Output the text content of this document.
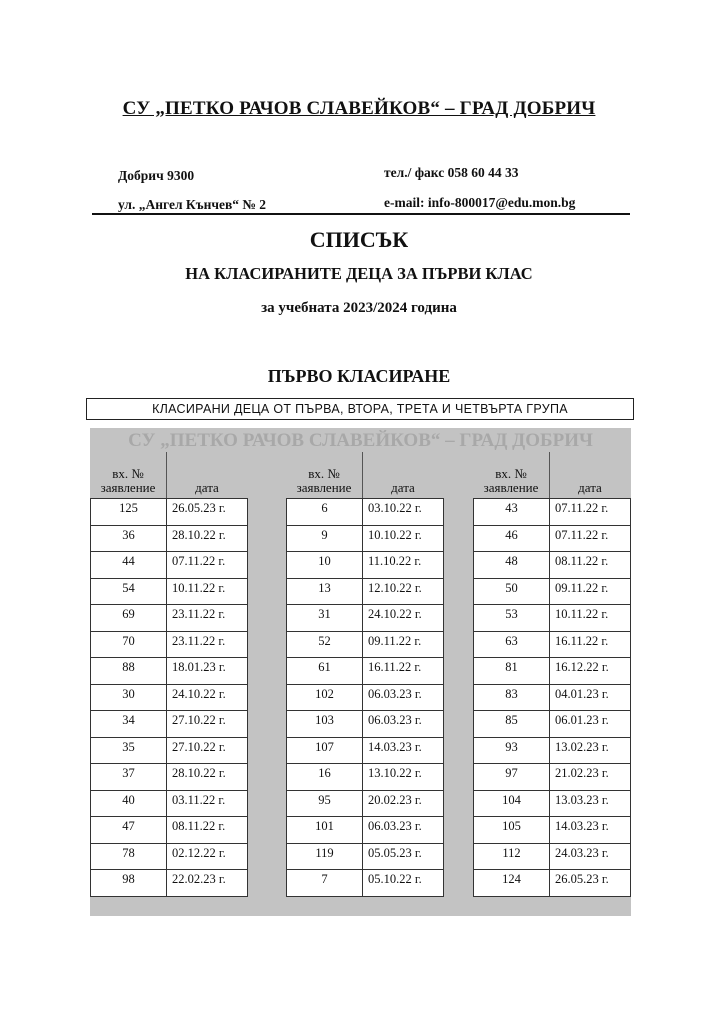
СУ „ПЕТКО РАЧОВ СЛАВЕЙКОВ“ – ГРАД ДОБРИЧ
Добрич 9300	тел./ факс 058 60 44 33
ул. „Ангел Кънчев“ № 2	e-mail: info-800017@edu.mon.bg
СПИСЪК
НА КЛАСИРАНИТЕ ДЕЦА ЗА ПЪРВИ КЛАС
за учебната 2023/2024 година
ПЪРВО КЛАСИРАНЕ
КЛАСИРАНИ ДЕЦА ОТ ПЪРВА, ВТОРА, ТРЕТА И ЧЕТВЪРТА ГРУПА
СУ „ПЕТКО РАЧОВ СЛАВЕЙКОВ“ – ГРАД ДОБРИЧ
вх. №
заявление	дата
125	26.05.23 г.
36	28.10.22 г.
44	07.11.22 г.
54	10.11.22 г.
69	23.11.22 г.
70	23.11.22 г.
88	18.01.23 г.
30	24.10.22 г.
34	27.10.22 г.
35	27.10.22 г.
37	28.10.22 г.
40	03.11.22 г.
47	08.11.22 г.
78	02.12.22 г.
98	22.02.23 г.
вх. №
заявление	дата
6	03.10.22 г.
9	10.10.22 г.
10	11.10.22 г.
13	12.10.22 г.
31	24.10.22 г.
52	09.11.22 г.
61	16.11.22 г.
102	06.03.23 г.
103	06.03.23 г.
107	14.03.23 г.
16	13.10.22 г.
95	20.02.23 г.
101	06.03.23 г.
119	05.05.23 г.
7	05.10.22 г.
вх. №
заявление	дата
43	07.11.22 г.
46	07.11.22 г.
48	08.11.22 г.
50	09.11.22 г.
53	10.11.22 г.
63	16.11.22 г.
81	16.12.22 г.
83	04.01.23 г.
85	06.01.23 г.
93	13.02.23 г.
97	21.02.23 г.
104	13.03.23 г.
105	14.03.23 г.
112	24.03.23 г.
124	26.05.23 г.
